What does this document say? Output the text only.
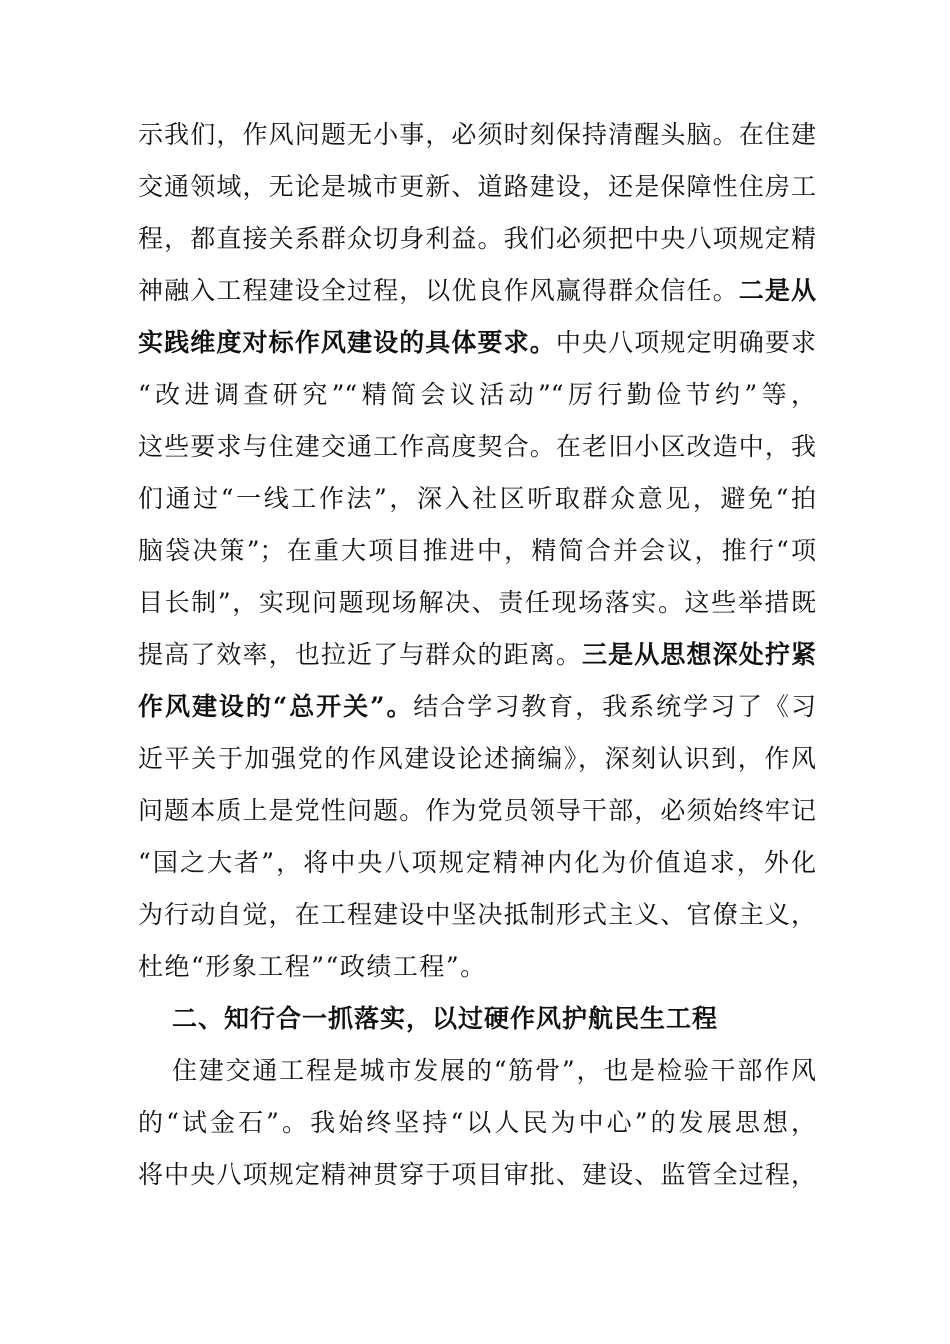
示我们，作风问题无小事，必须时刻保持清醒头脑。在住建
交通领域，无论是城市更新、道路建设，还是保障性住房工
程，都直接关系群众切身利益。我们必须把中央八项规定精
神融入工程建设全过程，以优良作风赢得群众信任。二是从
实践维度对标作风建设的具体要求。中央八项规定明确要求
“改进调查研究”“精简会议活动”“厉行勤俭节约”等，
这些要求与住建交通工作高度契合。在老旧小区改造中，我
们通过“一线工作法”，深入社区听取群众意见，避免“拍
脑袋决策”；在重大项目推进中，精简合并会议，推行“项
目长制”，实现问题现场解决、责任现场落实。这些举措既
提高了效率，也拉近了与群众的距离。三是从思想深处拧紧
作风建设的“总开关”。结合学习教育，我系统学习了《习
近平关于加强党的作风建设论述摘编》，深刻认识到，作风
问题本质上是党性问题。作为党员领导干部，必须始终牢记
“国之大者”，将中央八项规定精神内化为价值追求，外化
为行动自觉，在工程建设中坚决抵制形式主义、官僚主义，
杜绝“形象工程”“政绩工程”。
二、知行合一抓落实，以过硬作风护航民生工程
住建交通工程是城市发展的“筋骨”，也是检验干部作风
的“试金石”。我始终坚持“以人民为中心”的发展思想，
将中央八项规定精神贯穿于项目审批、建设、监管全过程，
